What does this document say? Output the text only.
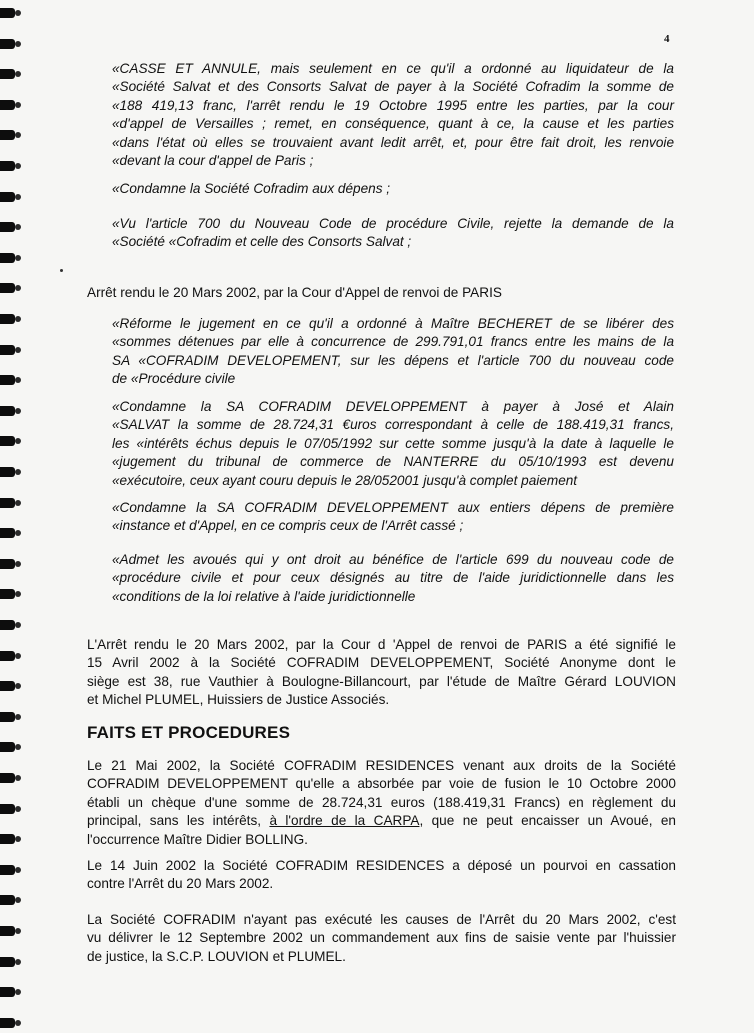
4
«CASSE ET ANNULE, mais seulement en ce qu'il a ordonné au liquidateur de la
«Société Salvat et des Consorts Salvat de payer à la Société Cofradim la somme de
«188 419,13 franc, l'arrêt rendu le 19 Octobre 1995 entre les parties, par la cour
«d'appel de Versailles ; remet, en conséquence, quant à ce, la cause et les parties
«dans l'état où elles se trouvaient avant ledit arrêt, et, pour être fait droit, les renvoie
«devant la cour d'appel de Paris ;
«Condamne la Société Cofradim aux dépens ;
«Vu l'article 700 du Nouveau Code de procédure Civile, rejette la demande de la
«Société «Cofradim et celle des Consorts Salvat ;
Arrêt rendu le 20 Mars 2002, par la Cour d'Appel de renvoi de PARIS
«Réforme le jugement en ce qu'il a ordonné à Maître BECHERET de se libérer des
«sommes détenues par elle à concurrence de 299.791,01 francs entre les mains de la
SA «COFRADIM DEVELOPEMENT, sur les dépens et l'article 700 du nouveau code
de «Procédure civile
«Condamne la SA COFRADIM DEVELOPPEMENT à payer à José et Alain
«SALVAT la somme de 28.724,31 €uros correspondant à celle de 188.419,31 francs,
les «intérêts échus depuis le 07/05/1992 sur cette somme jusqu'à la date à laquelle le
«jugement du tribunal de commerce de NANTERRE du 05/10/1993 est devenu
«exécutoire, ceux ayant couru depuis le 28/052001 jusqu'à complet paiement
«Condamne la SA COFRADIM DEVELOPPEMENT aux entiers dépens de première
«instance et d'Appel, en ce compris ceux de l'Arrêt cassé ;
«Admet les avoués qui y ont droit au bénéfice de l'article 699 du nouveau code de
«procédure civile et pour ceux désignés au titre de l'aide juridictionnelle dans les
«conditions de la loi relative à l'aide juridictionnelle
L'Arrêt rendu le 20 Mars 2002, par la Cour d 'Appel de renvoi de PARIS a été signifié le
15 Avril 2002 à la Société COFRADIM DEVELOPPEMENT, Société Anonyme dont le
siège est 38, rue Vauthier à Boulogne-Billancourt, par l'étude de Maître Gérard LOUVION
et Michel PLUMEL, Huissiers de Justice Associés.
FAITS ET PROCEDURES
Le 21 Mai 2002, la Société COFRADIM RESIDENCES venant aux droits de la Société
COFRADIM DEVELOPPEMENT qu'elle a absorbée par voie de fusion le 10 Octobre 2000
établi un chèque d'une somme de 28.724,31 euros (188.419,31 Francs) en règlement du
principal, sans les intérêts, à l'ordre de la CARPA, que ne peut encaisser un Avoué, en
l'occurrence Maître Didier BOLLING.
Le 14 Juin 2002 la Société COFRADIM RESIDENCES a déposé un pourvoi en cassation
contre l'Arrêt du 20 Mars 2002.
La Société COFRADIM n'ayant pas exécuté les causes de l'Arrêt du 20 Mars 2002, c'est
vu délivrer le 12 Septembre 2002 un commandement aux fins de saisie vente par l'huissier
de justice, la S.C.P. LOUVION et PLUMEL.
